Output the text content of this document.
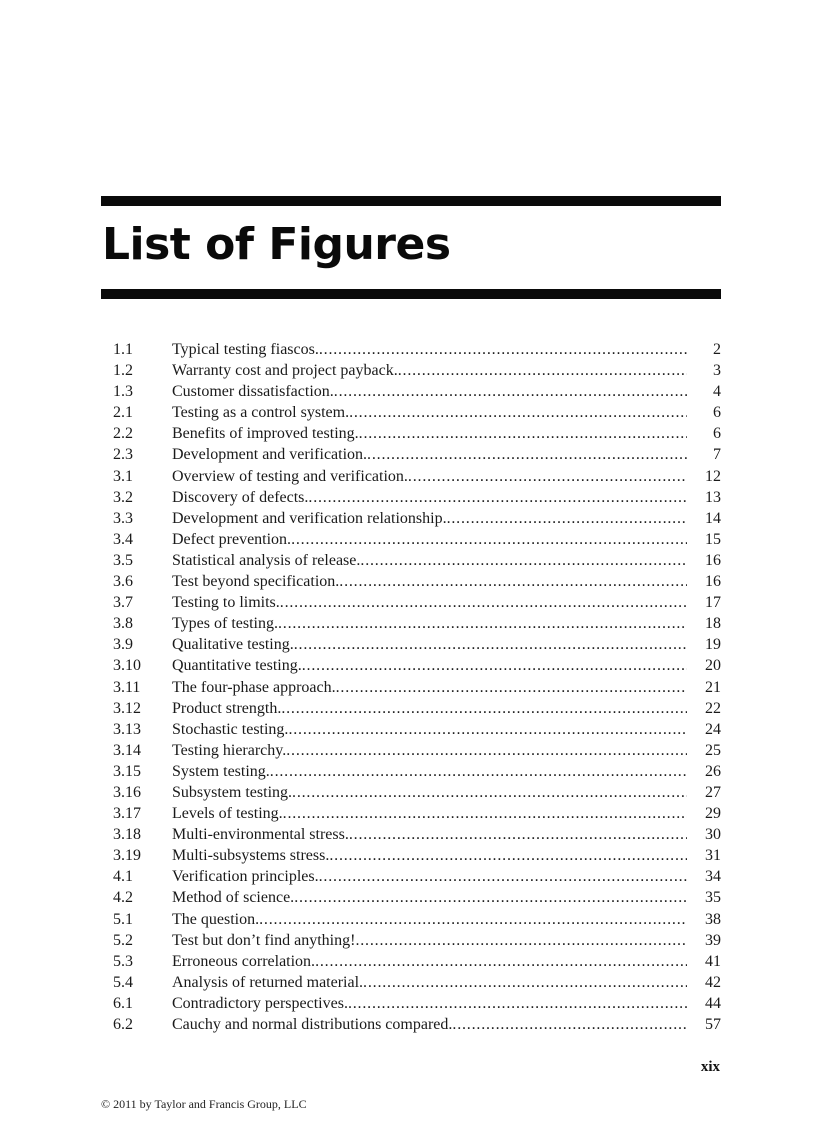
List of Figures
1.1	Typical testing fiascos. . . .	2
1.2	Warranty cost and project payback. . . .	3
1.3	Customer dissatisfaction. . . .	4
2.1	Testing as a control system. . . .	6
2.2	Benefits of improved testing. . . .	6
2.3	Development and verification. . . .	7
3.1	Overview of testing and verification. . . .	12
3.2	Discovery of defects. . . .	13
3.3	Development and verification relationship. . . .	14
3.4	Defect prevention. . . .	15
3.5	Statistical analysis of release. . . .	16
3.6	Test beyond specification. . . .	16
3.7	Testing to limits. . . .	17
3.8	Types of testing. . . .	18
3.9	Qualitative testing. . . .	19
3.10	Quantitative testing. . . .	20
3.11	The four-phase approach. . . .	21
3.12	Product strength. . . .	22
3.13	Stochastic testing. . . .	24
3.14	Testing hierarchy. . . .	25
3.15	System testing. . . .	26
3.16	Subsystem testing. . . .	27
3.17	Levels of testing. . . .	29
3.18	Multi-environmental stress. . . .	30
3.19	Multi-subsystems stress. . . .	31
4.1	Verification principles. . . .	34
4.2	Method of science. . . .	35
5.1	The question. . . .	38
5.2	Test but don’t find anything! . . .	39
5.3	Erroneous correlation. . . .	41
5.4	Analysis of returned material. . . .	42
6.1	Contradictory perspectives. . . .	44
6.2	Cauchy and normal distributions compared. . . .	57
xix
© 2011 by Taylor and Francis Group, LLC
